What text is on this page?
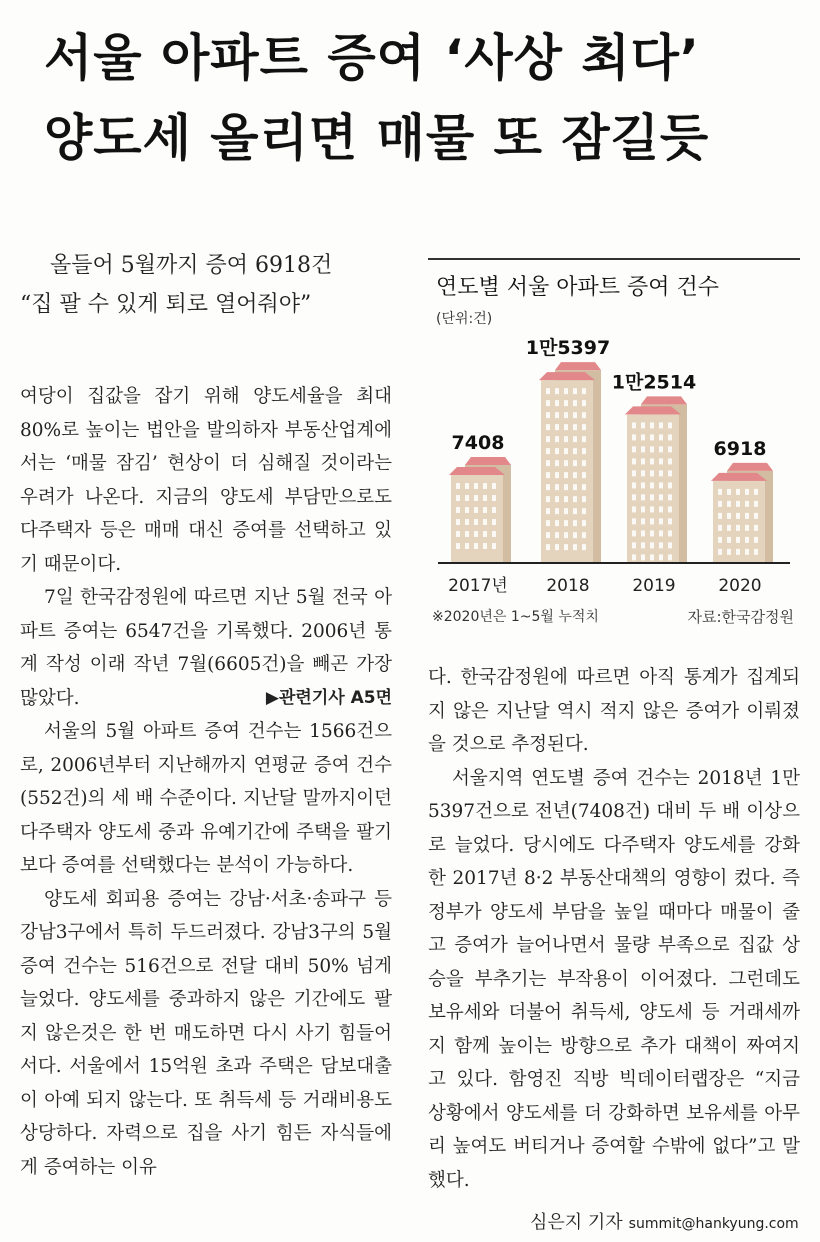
서울 아파트 증여 ‘사상 최다’
양도세 올리면 매물 또 잠길듯
올들어 5월까지 증여 6918건
“집 팔 수 있게 퇴로 열어줘야”

여당이 집값을 잡기 위해 양도세율을 최대 80%로 높이는 법안을 발의하자 부동산업계에서는 ‘매물 잠김’ 현상이 더 심해질 것이라는 우려가 나온다. 지금의 양도세 부담만으로도 다주택자 등은 매매 대신 증여를 선택하고 있기 때문이다.

7일 한국감정원에 따르면 지난 5월 전국 아파트 증여는 6547건을 기록했다. 2006년 통계 작성 이래 작년 7월(6605건)을 빼곤 가장 많았다.	▶관련기사 A5면

서울의 5월 아파트 증여 건수는 1566건으로, 2006년부터 지난해까지 연평균 증여 건수(552건)의 세 배 수준이다. 지난달 말까지이던 다주택자 양도세 중과 유예기간에 주택을 팔기보다 증여를 선택했다는 분석이 가능하다.

양도세 회피용 증여는 강남·서초·송파구 등 강남3구에서 특히 두드러졌다. 강남3구의 5월 증여 건수는 516건으로 전달 대비 50% 넘게 늘었다. 양도세를 중과하지 않은 기간에도 팔지 않은것은 한 번 매도하면 다시 사기 힘들어서다. 서울에서 15억원 초과 주택은 담보대출이 아예 되지 않는다. 또 취득세 등 거래비용도 상당하다. 자력으로 집을 사기 힘든 자식들에게 증여하는 이유

연도별 서울 아파트 증여 건수
(단위:건)
7408
2017년
1만5397
2018
1만2514
2019
6918
2020
※2020년은 1~5월 누적치	자료:한국감정원

다. 한국감정원에 따르면 아직 통계가 집계되지 않은 지난달 역시 적지 않은 증여가 이뤄졌을 것으로 추정된다.

서울지역 연도별 증여 건수는 2018년 1만5397건으로 전년(7408건) 대비 두 배 이상으로 늘었다. 당시에도 다주택자 양도세를 강화한 2017년 8·2 부동산대책의 영향이 컸다. 즉 정부가 양도세 부담을 높일 때마다 매물이 줄고 증여가 늘어나면서 물량 부족으로 집값 상승을 부추기는 부작용이 이어졌다. 그런데도 보유세와 더불어 취득세, 양도세 등 거래세까지 함께 높이는 방향으로 추가 대책이 짜여지고 있다. 함영진 직방 빅데이터랩장은 “지금 상황에서 양도세를 더 강화하면 보유세를 아무리 높여도 버티거나 증여할 수밖에 없다”고 말했다.

심은지 기자 summit@hankyung.com
